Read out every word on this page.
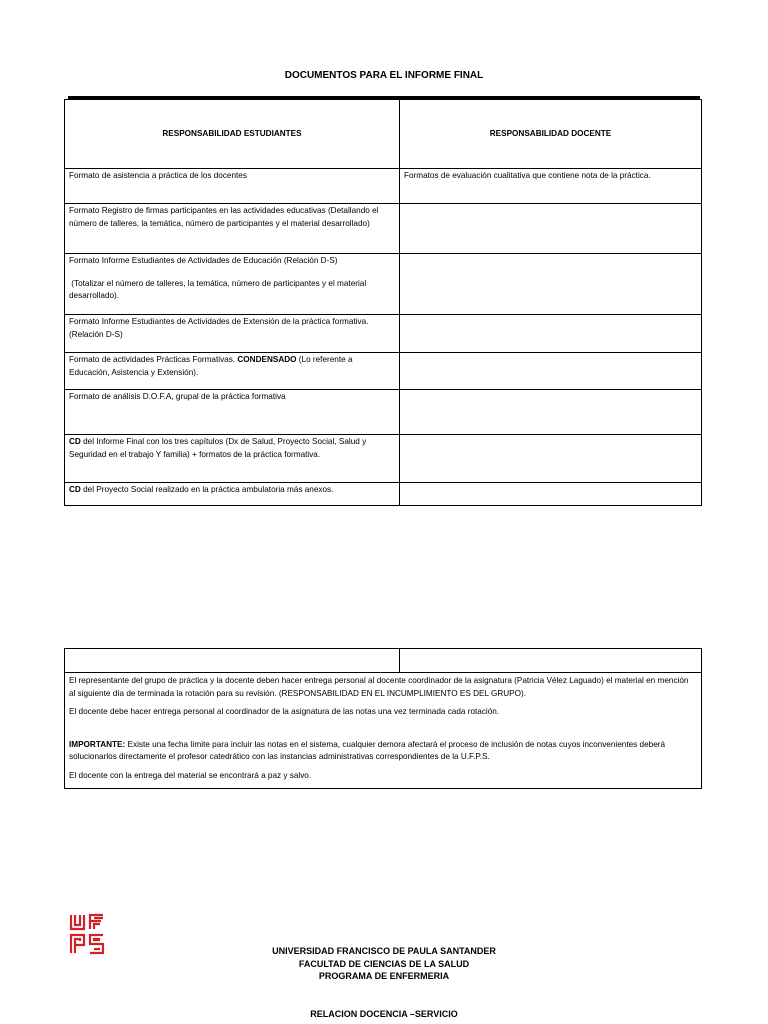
DOCUMENTOS PARA EL INFORME FINAL
RESPONSABILIDAD ESTUDIANTES	RESPONSABILIDAD DOCENTE
Formato de asistencia a práctica de los docentes	Formatos de evaluación cualitativa que contiene nota de la práctica.
Formato Registro de firmas participantes en las actividades educativas (Detallando el número de talleres, la temática, número de participantes y el material desarrollado)	

Formato Informe Estudiantes de Actividades de Educación (Relación D-S)
(Totalizar el número de talleres, la temática, número de participantes y el material desarrollado).	

Formato Informe Estudiantes de Actividades de Extensión de la práctica formativa.(Relación D-S)	
Formato de actividades Prácticas Formativas. CONDENSADO (Lo referente a Educación, Asistencia y Extensión).	
Formato de análisis D.O.F.A, grupal de la práctica formativa	
CD del Informe Final con los tres capítulos (Dx de Salud, Proyecto Social, Salud y Seguridad en el trabajo Y familia) + formatos de la práctica formativa.	
CD del Proyecto Social realizado en la práctica ambulatoria más anexos.	

El representante del grupo de práctica y la docente deben hacer entrega personal al docente coordinador de la asignatura (Patricia Vélez Laguado) el material en mención al siguiente día de terminada la rotación para su revisión. (RESPONSABILIDAD EN EL INCUMPLIMIENTO ES DEL GRUPO).

El docente debe hacer entrega personal al coordinador de la asignatura de las notas una vez terminada cada rotación.

IMPORTANTE: Existe una fecha límite para incluir las notas en el sistema, cualquier demora afectará el proceso de inclusión de notas cuyos inconvenientes deberá solucionarlos directamente el profesor catedrático con las instancias administrativas correspondientes de la U.F.P.S.

El docente con la entrega del material se encontrará a paz y salvo.

UNIVERSIDAD FRANCISCO DE PAULA SANTANDER
FACULTAD DE CIENCIAS DE LA SALUD
PROGRAMA DE ENFERMERIA
RELACION DOCENCIA –SERVICIO
